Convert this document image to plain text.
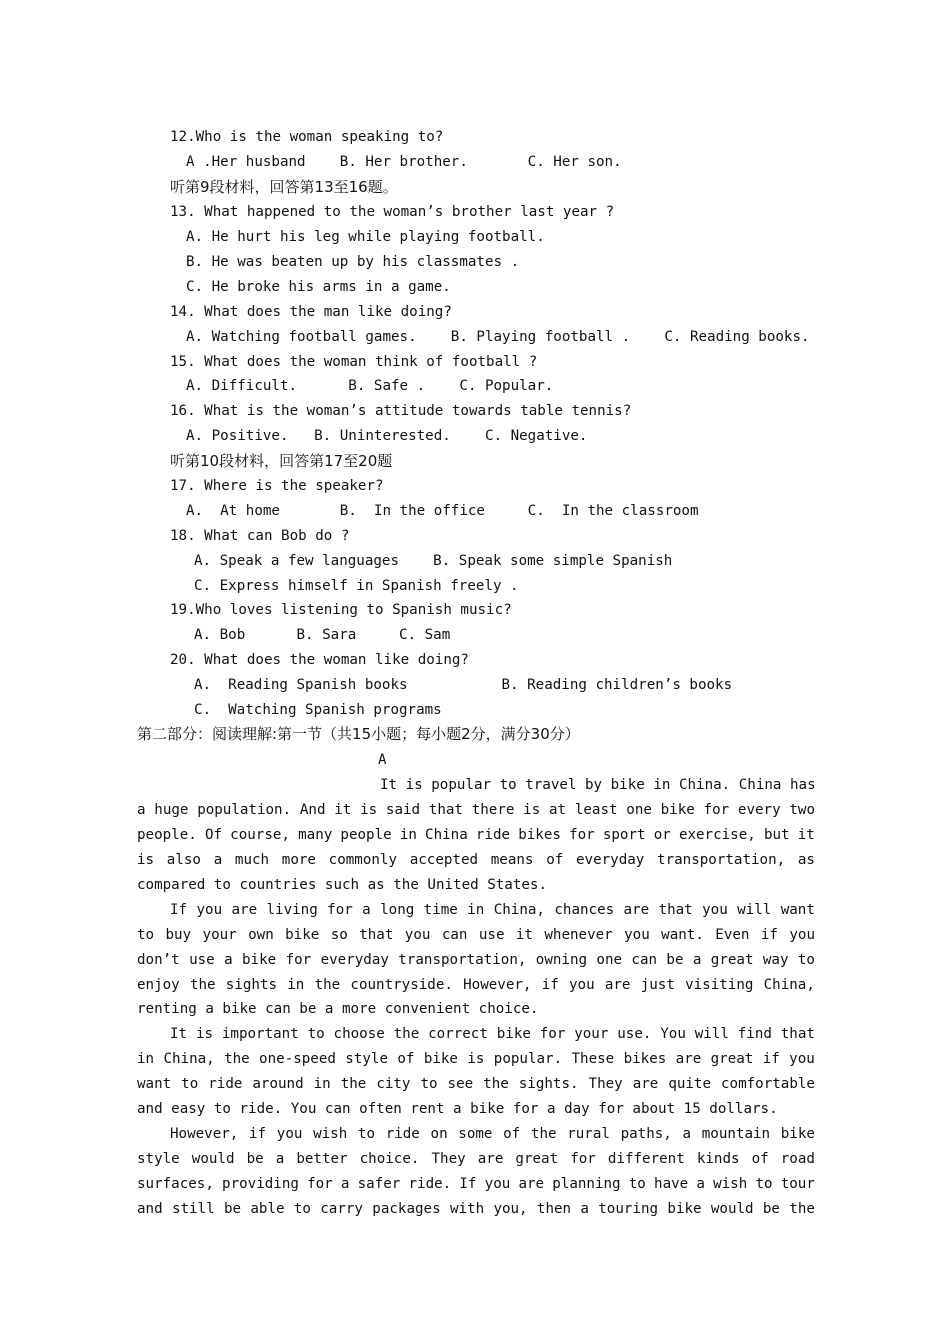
12.Who is the woman speaking to?
A .Her husband    B. Her brother.       C. Her son.
听第9段材料，回答第13至16题。
13. What happened to the woman’s brother last year ?
A. He hurt his leg while playing football.
B. He was beaten up by his classmates .
C. He broke his arms in a game.
14. What does the man like doing?
A. Watching football games.    B. Playing football .    C. Reading books.
15. What does the woman think of football ?
A. Difficult.      B. Safe .    C. Popular.
16. What is the woman’s attitude towards table tennis?
A. Positive.   B. Uninterested.    C. Negative.
听第10段材料，回答第17至20题
17. Where is the speaker?
A.  At home       B.  In the office     C.  In the classroom
18. What can Bob do ?
A. Speak a few languages    B. Speak some simple Spanish
C. Express himself in Spanish freely .
19.Who loves listening to Spanish music?
A. Bob      B. Sara     C. Sam
20. What does the woman like doing?
A.  Reading Spanish books           B. Reading children’s books
C.  Watching Spanish programs
第二部分：阅读理解:第一节（共15小题；每小题2分，满分30分）
A
It is popular to travel by bike in China. China has
a huge population. And it is said that there is at least one bike for every two
people. Of course, many people in China ride bikes for sport or exercise, but it
is also a much more commonly accepted means of everyday transportation, as
compared to countries such as the United States.
If you are living for a long time in China, chances are that you will want
to buy your own bike so that you can use it whenever you want. Even if you
don’t use a bike for everyday transportation, owning one can be a great way to
enjoy the sights in the countryside. However, if you are just visiting China,
renting a bike can be a more convenient choice.
It is important to choose the correct bike for your use. You will find that
in China, the one-speed style of bike is popular. These bikes are great if you
want to ride around in the city to see the sights. They are quite comfortable
and easy to ride. You can often rent a bike for a day for about 15 dollars.
However, if you wish to ride on some of the rural paths, a mountain bike
style would be a better choice. They are great for different kinds of road
surfaces, providing for a safer ride. If you are planning to have a wish to tour
and still be able to carry packages with you, then a touring bike would be the
